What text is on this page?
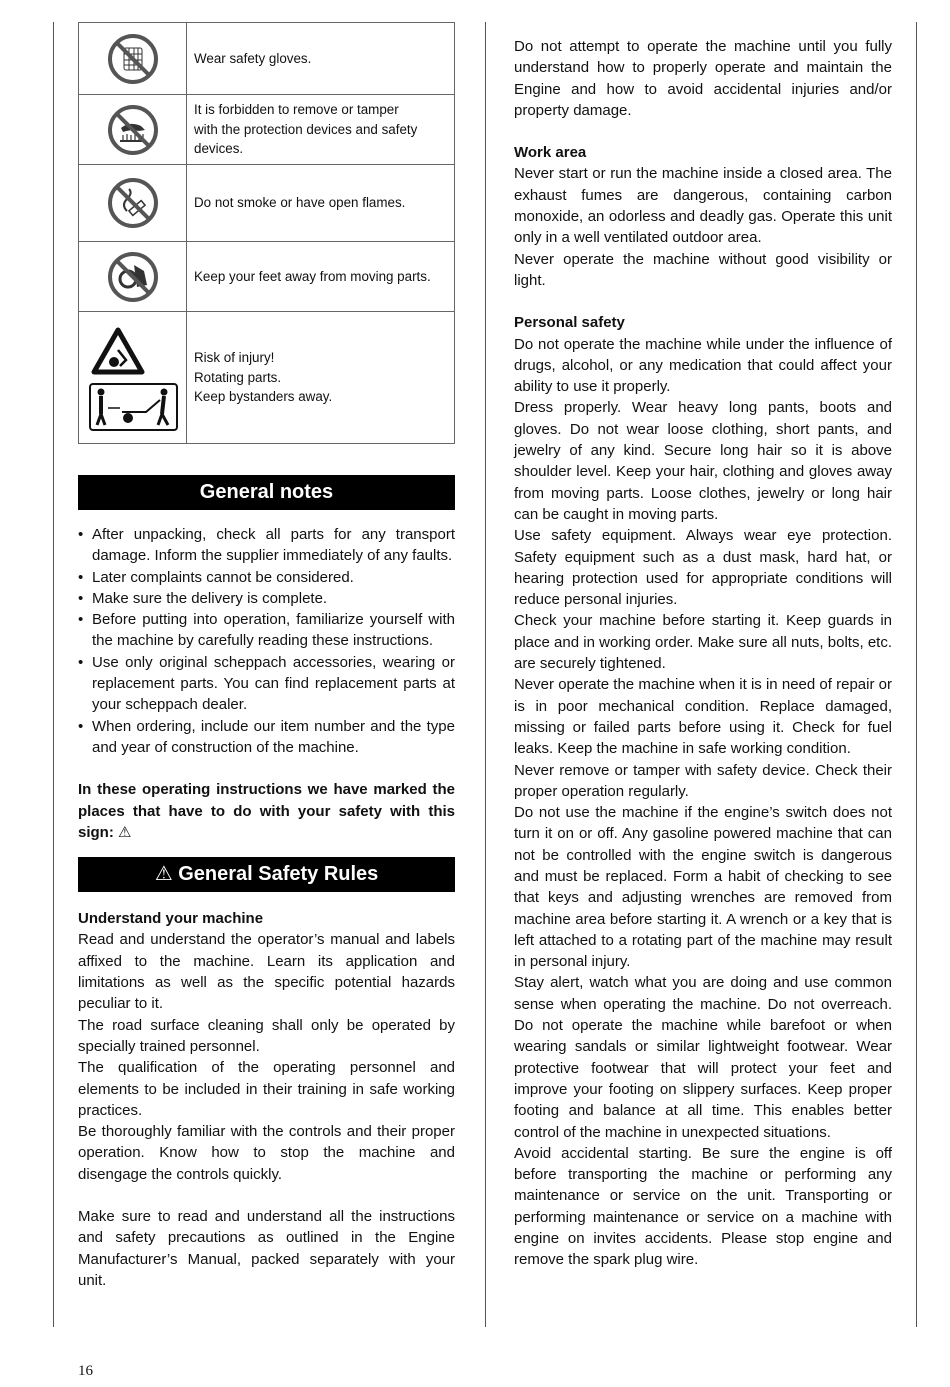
Wear safety gloves.

It is forbidden to remove or tamper
with the protection devices and safety
devices.

Do not smoke or have open flames.

Keep your feet away from moving parts.

Risk of injury!
Rotating parts.
Keep bystanders away.
General notes
• After unpacking, check all parts for any transport damage. Inform the supplier immediately of any faults.
• Later complaints cannot be considered.
• Make sure the delivery is complete.
• Before putting into operation, familiarize yourself with the machine by carefully reading these instructions.
• Use only original scheppach accessories, wearing or replacement parts. You can find replacement parts at your scheppach dealer.
• When ordering, include our item number and the type and year of construction of the machine.

In these operating instructions we have marked the places that have to do with your safety with this sign: ⚠

⚠ General Safety Rules

Understand your machine

Read and understand the operator’s manual and labels affixed to the machine. Learn its application and limitations as well as the specific potential hazards peculiar to it.

The road surface cleaning shall only be operated by specially trained personnel.

The qualification of the operating personnel and elements to be included in their training in safe working practices.

Be thoroughly familiar with the controls and their proper operation. Know how to stop the machine and disengage the controls quickly.

Make sure to read and understand all the instructions and safety precautions as outlined in the Engine Manufacturer’s Manual, packed separately with your unit.

Do not attempt to operate the machine until you fully understand how to properly operate and maintain the Engine and how to avoid accidental injuries and/or property damage.

Work area

Never start or run the machine inside a closed area. The exhaust fumes are dangerous, containing carbon monoxide, an odorless and deadly gas. Operate this unit only in a well ventilated outdoor area.

Never operate the machine without good visibility or light.

Personal safety

Do not operate the machine while under the influence of drugs, alcohol, or any medication that could affect your ability to use it properly.

Dress properly. Wear heavy long pants, boots and gloves. Do not wear loose clothing, short pants, and jewelry of any kind. Secure long hair so it is above shoulder level. Keep your hair, clothing and gloves away from moving parts. Loose clothes, jewelry or long hair can be caught in moving parts.

Use safety equipment. Always wear eye protection. Safety equipment such as a dust mask, hard hat, or hearing protection used for appropriate conditions will reduce personal injuries.

Check your machine before starting it. Keep guards in place and in working order. Make sure all nuts, bolts, etc. are securely tightened.

Never operate the machine when it is in need of repair or is in poor mechanical condition. Replace damaged, missing or failed parts before using it. Check for fuel leaks. Keep the machine in safe working condition.

Never remove or tamper with safety device. Check their proper operation regularly.

Do not use the machine if the engine’s switch does not turn it on or off. Any gasoline powered machine that can not be controlled with the engine switch is dangerous and must be replaced. Form a habit of checking to see that keys and adjusting wrenches are removed from machine area before starting it. A wrench or a key that is left attached to a rotating part of the machine may result in personal injury.

Stay alert, watch what you are doing and use common sense when operating the machine. Do not overreach. Do not operate the machine while barefoot or when wearing sandals or similar lightweight footwear. Wear protective footwear that will protect your feet and improve your footing on slippery surfaces. Keep proper footing and balance at all time. This enables better control of the machine in unexpected situations.

Avoid accidental starting. Be sure the engine is off before transporting the machine or performing any maintenance or service on the unit. Transporting or performing maintenance or service on a machine with engine on invites accidents. Please stop engine and remove the spark plug wire.

16
